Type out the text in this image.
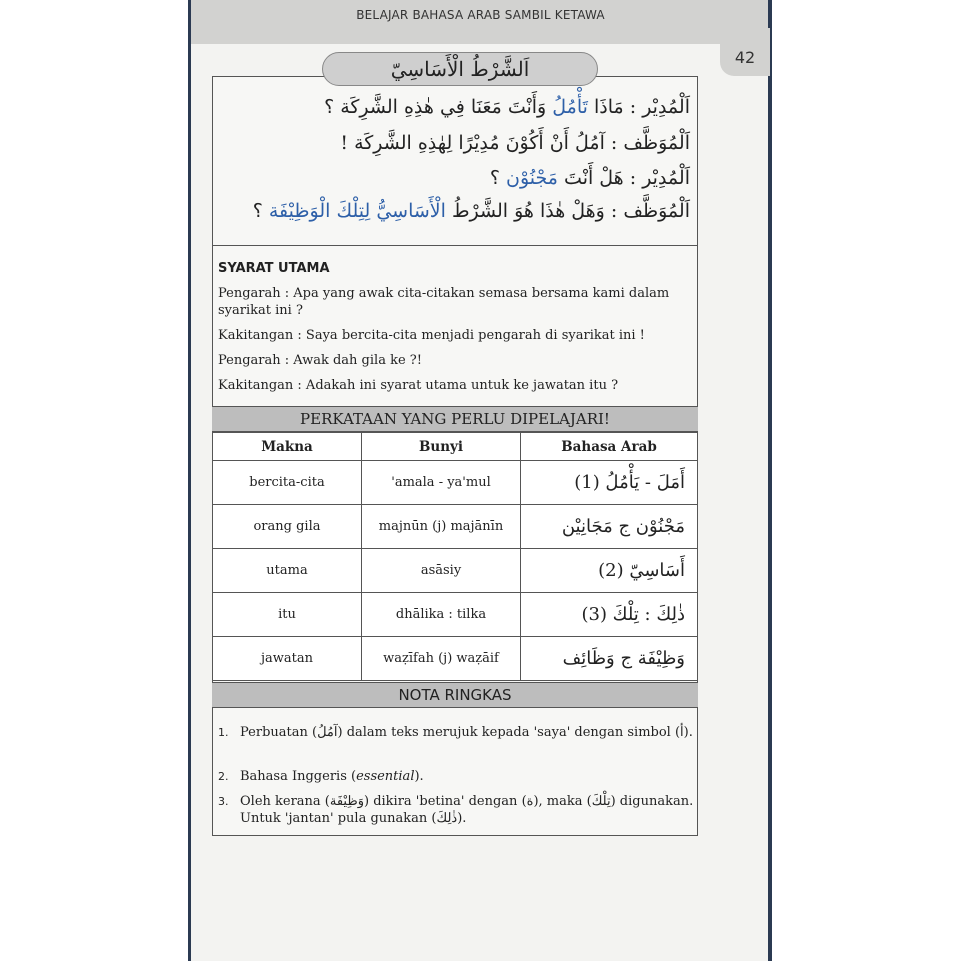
BELAJAR BAHASA ARAB SAMBIL KETAWA
42
اَلشَّرْطُ الْأَسَاسِيّ
اَلْمُدِيْر : مَاذَا تَأْمُلُ وَأَنْتَ مَعَنَا فِي هٰذِهِ الشَّرِكَة ؟
اَلْمُوَظَّف : آمُلُ أَنْ أَكُوْنَ مُدِيْرًا لِهٰذِهِ الشَّرِكَة !
اَلْمُدِيْر : هَلْ أَنْتَ مَجْنُوْن ؟
اَلْمُوَظَّف : وَهَلْ هٰذَا هُوَ الشَّرْطُ الْأَسَاسِيُّ لِتِلْكَ الْوَظِيْفَة ؟
SYARAT UTAMA
Pengarah : Apa yang awak cita-citakan semasa bersama kami dalam syarikat ini ?
Kakitangan : Saya bercita-cita menjadi pengarah di syarikat ini !
Pengarah : Awak dah gila ke ?!
Kakitangan : Adakah ini syarat utama untuk ke jawatan itu ?
PERKATAAN YANG PERLU DIPELAJARI!
Makna	Bunyi	Bahasa Arab
bercita-cita	'amala - ya'mul	أَمَلَ - يَأْمُلُ (1)
orang gila	majnūn (j) majānīn	مَجْنُوْن ج مَجَانِيْن
utama	asāsiy	أَسَاسِيّ (2)
itu	dhālika : tilka	ذٰلِكَ : تِلْكَ (3)
jawatan	waẓīfah (j) waẓāif	وَظِيْفَة ج وَظَائِف
NOTA RINGKAS
1. Perbuatan (آمُلُ) dalam teks merujuk kepada 'saya' dengan simbol (أ).
2. Bahasa Inggeris (essential).
3. Oleh kerana (وَظِيْفَة) dikira 'betina' dengan (ة), maka (تِلْكَ) digunakan. Untuk 'jantan' pula gunakan (ذٰلِكَ).
